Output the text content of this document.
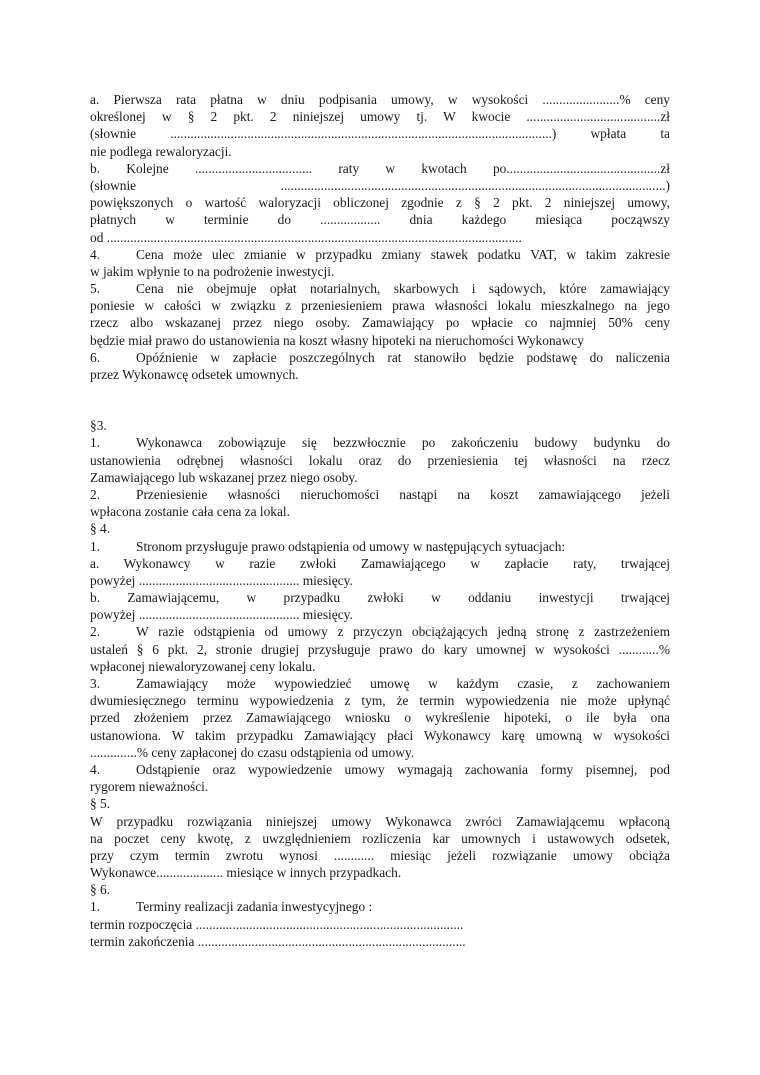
a. Pierwsza rata płatna w dniu podpisania umowy, w wysokości .......................% ceny
określonej w § 2 pkt. 2 niniejszej umowy tj. W kwocie ........................................zł
(słownie ..................................................................................................................) wpłata ta
nie podlega rewaloryzacji.
b. Kolejne ................................... raty w kwotach po..............................................zł
(słownie ...................................................................................................................)
powiększonych o wartość waloryzacji obliczonej zgodnie z § 2 pkt. 2 niniejszej umowy,
płatnych w terminie do .................. dnia każdego miesiąca począwszy
od ............................................................................................................................
4.	Cena może ulec zmianie w przypadku zmiany stawek podatku VAT, w takim zakresie
w jakim wpłynie to na podrożenie inwestycji.
5.	Cena nie obejmuje opłat notarialnych, skarbowych i sądowych, które zamawiający
poniesie w całości w związku z przeniesieniem prawa własności lokalu mieszkalnego na jego
rzecz albo wskazanej przez niego osoby. Zamawiający po wpłacie co najmniej 50% ceny
będzie miał prawo do ustanowienia na koszt własny hipoteki na nieruchomości Wykonawcy
6.	Opóźnienie w zapłacie poszczególnych rat stanowiło będzie podstawę do naliczenia
przez Wykonawcę odsetek umownych.
§3.
1.	Wykonawca zobowiązuje się bezzwłocznie po zakończeniu budowy budynku do
ustanowienia odrębnej własności lokalu oraz do przeniesienia tej własności na rzecz
Zamawiającego lub wskazanej przez niego osoby.
2.	Przeniesienie własności nieruchomości nastąpi na koszt zamawiającego jeżeli
wpłacona zostanie cała cena za lokal.
§ 4.
1.	Stronom przysługuje prawo odstąpienia od umowy w następujących sytuacjach:
a. Wykonawcy w razie zwłoki Zamawiającego w zapłacie raty, trwającej
powyżej ................................................ miesięcy.
b. Zamawiającemu, w przypadku zwłoki w oddaniu inwestycji trwającej
powyżej ................................................ miesięcy.
2.	W razie odstąpienia od umowy z przyczyn obciążających jedną stronę z zastrzeżeniem
ustaleń § 6 pkt. 2, stronie drugiej przysługuje prawo do kary umownej w wysokości ............%
wpłaconej niewaloryzowanej ceny lokalu.
3.	Zamawiający może wypowiedzieć umowę w każdym czasie, z zachowaniem
dwumiesięcznego terminu wypowiedzenia z tym, że termin wypowiedzenia nie może upłynąć
przed złożeniem przez Zamawiającego wniosku o wykreślenie hipoteki, o ile była ona
ustanowiona. W takim przypadku Zamawiający płaci Wykonawcy karę umowną w wysokości
..............% ceny zapłaconej do czasu odstąpienia od umowy.
4.	Odstąpienie oraz wypowiedzenie umowy wymagają zachowania formy pisemnej, pod
rygorem nieważności.
§ 5.
W przypadku rozwiązania niniejszej umowy Wykonawca zwróci Zamawiającemu wpłaconą
na poczet ceny kwotę, z uwzględnieniem rozliczenia kar umownych i ustawowych odsetek,
przy czym termin zwrotu wynosi ............ miesiąc jeżeli rozwiązanie umowy obciąża
Wykonawce.................... miesiące w innych przypadkach.
§ 6.
1.	Terminy realizacji zadania inwestycyjnego :
termin rozpoczęcia ................................................................................
termin zakończenia ................................................................................
